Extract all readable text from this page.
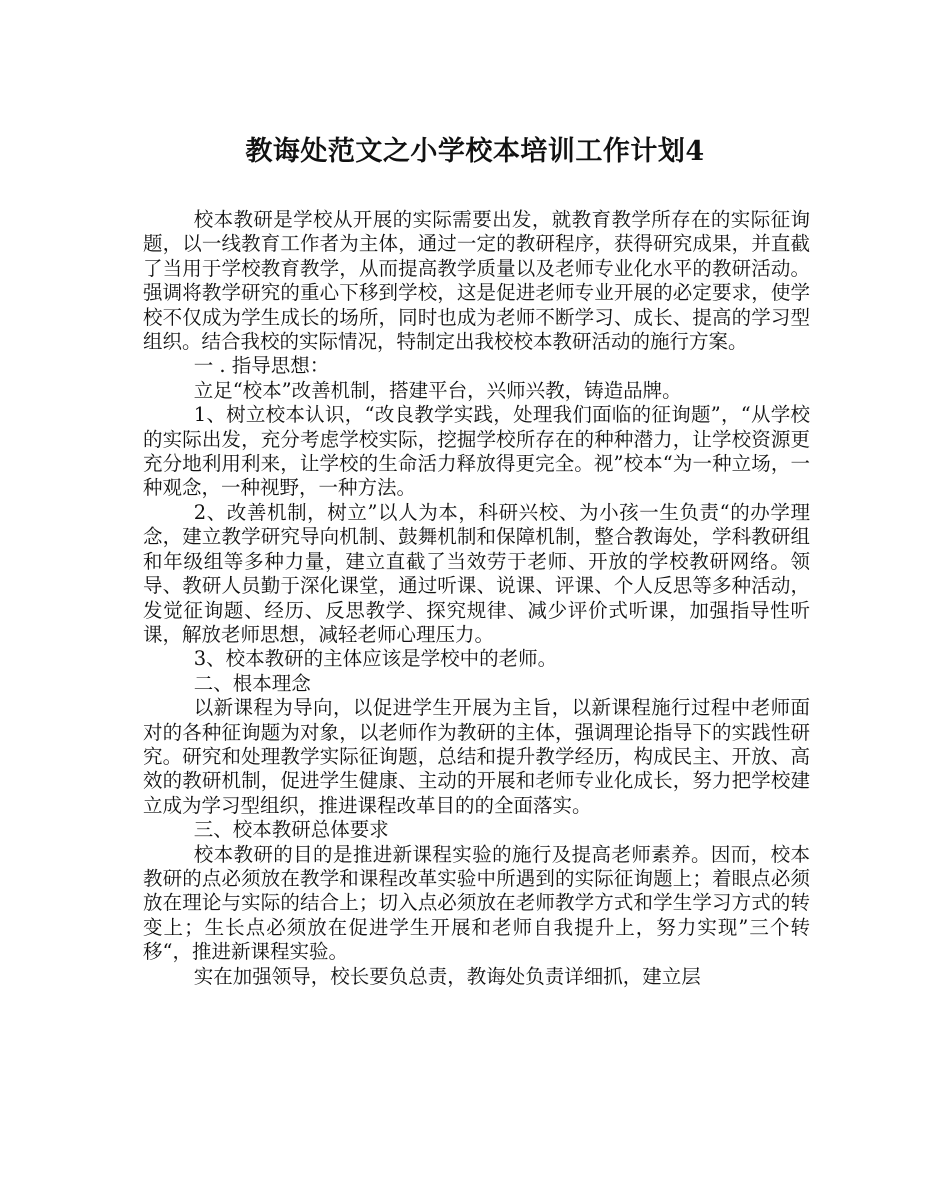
教诲处范文之小学校本培训工作计划4

校本教研是学校从开展的实际需要出发，就教育教学所存在的实际征询题，以一线教育工作者为主体，通过一定的教研程序，获得研究成果，并直截了当用于学校教育教学，从而提高教学质量以及老师专业化水平的教研活动。强调将教学研究的重心下移到学校，这是促进老师专业开展的必定要求，使学校不仅成为学生成长的场所，同时也成为老师不断学习、成长、提高的学习型组织。结合我校的实际情况，特制定出我校校本教研活动的施行方案。

一 . 指导思想：

立足“校本”改善机制，搭建平台，兴师兴教，铸造品牌。

1、树立校本认识，“改良教学实践，处理我们面临的征询题”，“从学校的实际出发，充分考虑学校实际，挖掘学校所存在的种种潜力，让学校资源更充分地利用利来，让学校的生命活力释放得更完全。视”校本“为一种立场，一种观念，一种视野，一种方法。

2、改善机制，树立”以人为本，科研兴校、为小孩一生负责“的办学理念，建立教学研究导向机制、鼓舞机制和保障机制，整合教诲处，学科教研组和年级组等多种力量，建立直截了当效劳于老师、开放的学校教研网络。领导、教研人员勤于深化课堂，通过听课、说课、评课、个人反思等多种活动，发觉征询题、经历、反思教学、探究规律、减少评价式听课，加强指导性听课，解放老师思想，减轻老师心理压力。

3、校本教研的主体应该是学校中的老师。

二、根本理念

以新课程为导向，以促进学生开展为主旨，以新课程施行过程中老师面对的各种征询题为对象，以老师作为教研的主体，强调理论指导下的实践性研究。研究和处理教学实际征询题，总结和提升教学经历，构成民主、开放、高效的教研机制，促进学生健康、主动的开展和老师专业化成长，努力把学校建立成为学习型组织，推进课程改革目的的全面落实。

三、校本教研总体要求

校本教研的目的是推进新课程实验的施行及提高老师素养。因而，校本教研的点必须放在教学和课程改革实验中所遇到的实际征询题上；着眼点必须放在理论与实际的结合上；切入点必须放在老师教学方式和学生学习方式的转变上；生长点必须放在促进学生开展和老师自我提升上，努力实现”三个转移“，推进新课程实验。

实在加强领导，校长要负总责，教诲处负责详细抓，建立层
